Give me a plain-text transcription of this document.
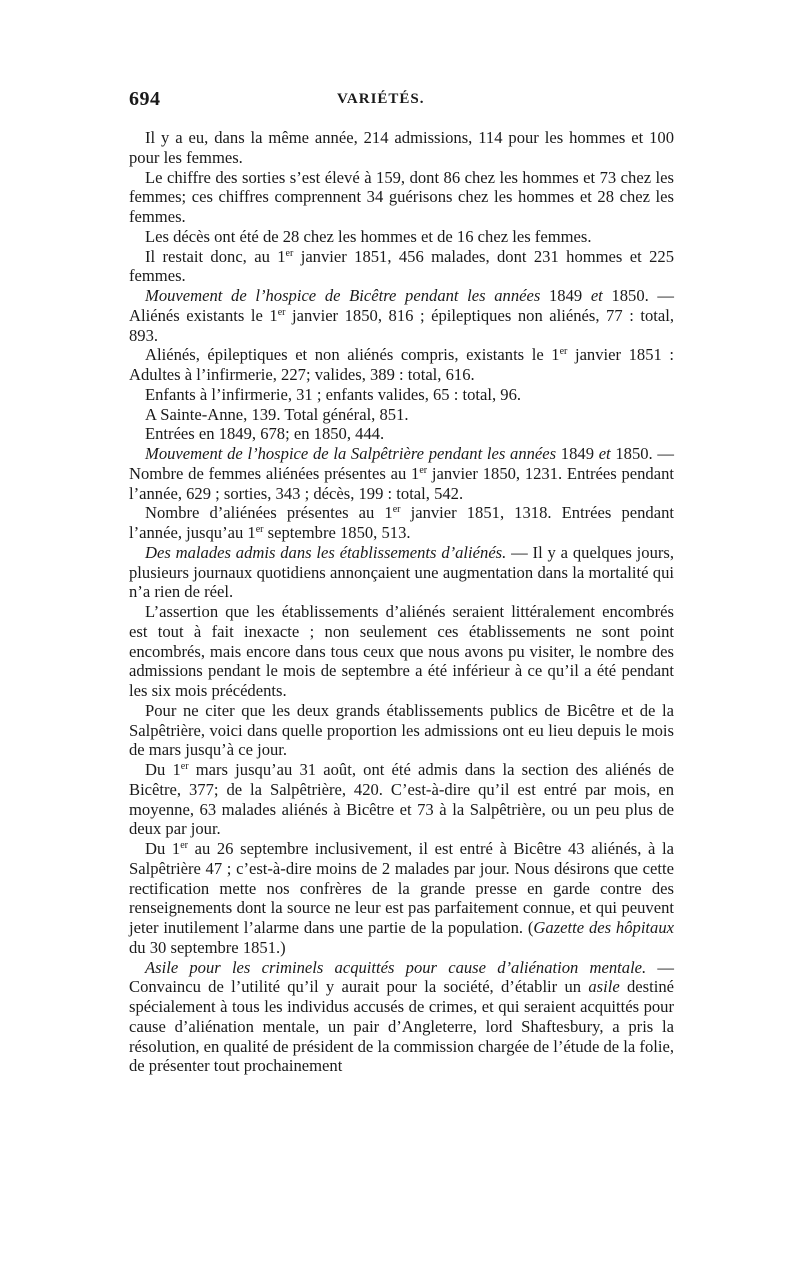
694	VARIÉTÉS.

Il y a eu, dans la même année, 214 admissions, 114 pour les hommes et 100 pour les femmes.

Le chiffre des sorties s’est élevé à 159, dont 86 chez les hommes et 73 chez les femmes; ces chiffres comprennent 34 guérisons chez les hommes et 28 chez les femmes.

Les décès ont été de 28 chez les hommes et de 16 chez les femmes.

Il restait donc, au 1er janvier 1851, 456 malades, dont 231 hommes et 225 femmes.

Mouvement de l’hospice de Bicêtre pendant les années 1849 et 1850. — Aliénés existants le 1er janvier 1850, 816 ; épileptiques non aliénés, 77 : total, 893.

Aliénés, épileptiques et non aliénés compris, existants le 1er janvier 1851 : Adultes à l’infirmerie, 227; valides, 389 : total, 616.

Enfants à l’infirmerie, 31 ; enfants valides, 65 : total, 96.

A Sainte-Anne, 139. Total général, 851.

Entrées en 1849, 678; en 1850, 444.

Mouvement de l’hospice de la Salpêtrière pendant les années 1849 et 1850. — Nombre de femmes aliénées présentes au 1er janvier 1850, 1231. Entrées pendant l’année, 629 ; sorties, 343 ; décès, 199 : total, 542.

Nombre d’aliénées présentes au 1er janvier 1851, 1318. Entrées pendant l’année, jusqu’au 1er septembre 1850, 513.

Des malades admis dans les établissements d’aliénés. — Il y a quelques jours, plusieurs journaux quotidiens annonçaient une augmentation dans la mortalité qui n’a rien de réel.

L’assertion que les établissements d’aliénés seraient littéralement encombrés est tout à fait inexacte ; non seulement ces établissements ne sont point encombrés, mais encore dans tous ceux que nous avons pu visiter, le nombre des admissions pendant le mois de septembre a été inférieur à ce qu’il a été pendant les six mois précédents.

Pour ne citer que les deux grands établissements publics de Bicêtre et de la Salpêtrière, voici dans quelle proportion les admissions ont eu lieu depuis le mois de mars jusqu’à ce jour.

Du 1er mars jusqu’au 31 août, ont été admis dans la section des aliénés de Bicêtre, 377; de la Salpêtrière, 420. C’est-à-dire qu’il est entré par mois, en moyenne, 63 malades aliénés à Bicêtre et 73 à la Salpêtrière, ou un peu plus de deux par jour.

Du 1er au 26 septembre inclusivement, il est entré à Bicêtre 43 aliénés, à la Salpêtrière 47 ; c’est-à-dire moins de 2 malades par jour. Nous désirons que cette rectification mette nos confrères de la grande presse en garde contre des renseignements dont la source ne leur est pas parfaitement connue, et qui peuvent jeter inutilement l’alarme dans une partie de la population. (Gazette des hôpitaux du 30 septembre 1851.)

Asile pour les criminels acquittés pour cause d’aliénation mentale. — Convaincu de l’utilité qu’il y aurait pour la société, d’établir un asile destiné spécialement à tous les individus accusés de crimes, et qui seraient acquittés pour cause d’aliénation mentale, un pair d’Angleterre, lord Shaftesbury, a pris la résolution, en qualité de président de la commission chargée de l’étude de la folie, de présenter tout prochainement
